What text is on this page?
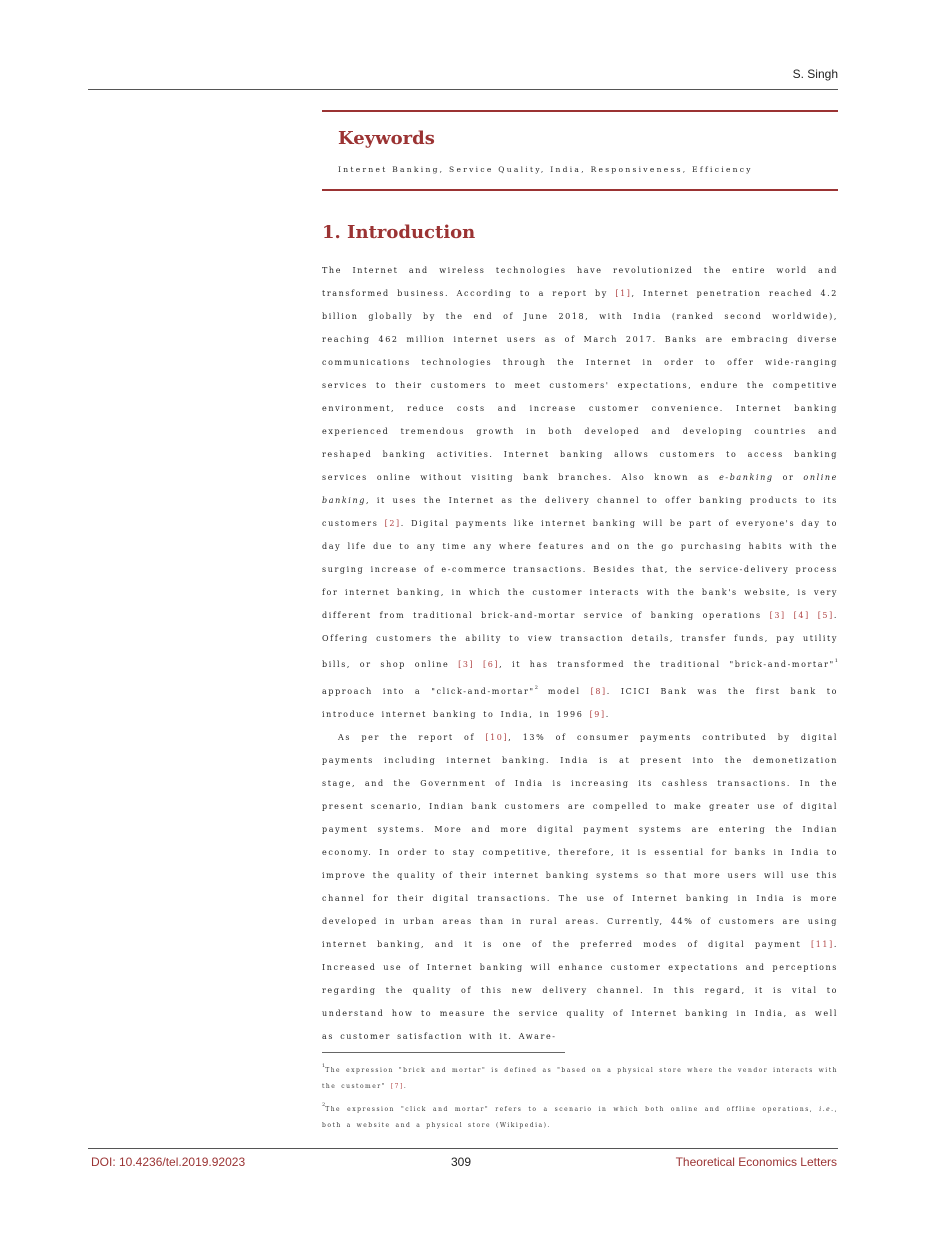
S. Singh
Keywords
Internet Banking, Service Quality, India, Responsiveness, Efficiency
1. Introduction

The Internet and wireless technologies have revolutionized the entire world and transformed business. According to a report by [1], Internet penetration reached 4.2 billion globally by the end of June 2018, with India (ranked second worldwide), reaching 462 million internet users as of March 2017. Banks are embracing diverse communications technologies through the Internet in order to offer wide-ranging services to their customers to meet customers' expectations, endure the competitive environment, reduce costs and increase customer convenience. Internet banking experienced tremendous growth in both developed and developing countries and reshaped banking activities. Internet banking allows customers to access banking services online without visiting bank branches. Also known as e-banking or online banking, it uses the Internet as the delivery channel to offer banking products to its customers [2]. Digital payments like internet banking will be part of everyone's day to day life due to any time any where features and on the go purchasing habits with the surging increase of e-commerce transactions. Besides that, the service-delivery process for internet banking, in which the customer interacts with the bank's website, is very different from traditional brick-and-mortar service of banking operations [3] [4] [5]. Offering customers the ability to view transaction details, transfer funds, pay utility bills, or shop online [3] [6], it has transformed the traditional "brick-and-mortar"$^1$ approach into a "click-and-mortar"$^2$ model [8]. ICICI Bank was the first bank to introduce internet banking to India, in 1996 [9].

As per the report of [10], 13% of consumer payments contributed by digital payments including internet banking. India is at present into the demonetization stage, and the Government of India is increasing its cashless transactions. In the present scenario, Indian bank customers are compelled to make greater use of digital payment systems. More and more digital payment systems are entering the Indian economy. In order to stay competitive, therefore, it is essential for banks in India to improve the quality of their internet banking systems so that more users will use this channel for their digital transactions. The use of Internet banking in India is more developed in urban areas than in rural areas. Currently, 44% of customers are using internet banking, and it is one of the preferred modes of digital payment [11]. Increased use of Internet banking will enhance customer expectations and perceptions regarding the quality of this new delivery channel. In this regard, it is vital to understand how to measure the service quality of Internet banking in India, as well as customer satisfaction with it. Aware-

$^1$The expression "brick and mortar" is defined as "based on a physical store where the vendor interacts with the customer" [7].

$^2$The expression "click and mortar" refers to a scenario in which both online and offline operations, i.e., both a website and a physical store (Wikipedia).

DOI: 10.4236/tel.2019.92023	309	Theoretical Economics Letters
